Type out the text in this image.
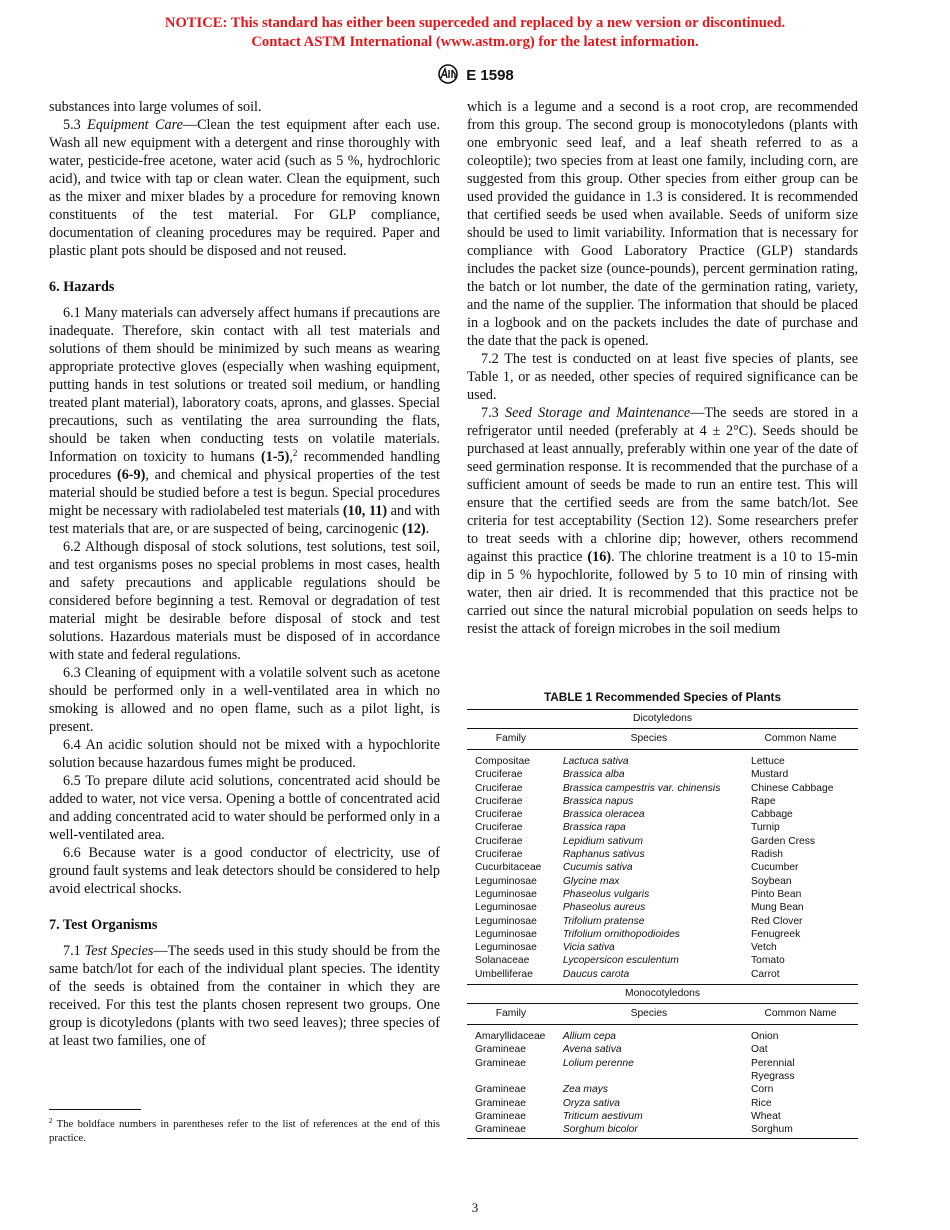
NOTICE: This standard has either been superceded and replaced by a new version or discontinued.
Contact ASTM International (www.astm.org) for the latest information.
E 1598

substances into large volumes of soil.

5.3 Equipment Care—Clean the test equipment after each use. Wash all new equipment with a detergent and rinse thoroughly with water, pesticide-free acetone, water acid (such as 5 %, hydrochloric acid), and twice with tap or clean water. Clean the equipment, such as the mixer and mixer blades by a procedure for removing known constituents of the test material. For GLP compliance, documentation of cleaning procedures may be required. Paper and plastic plant pots should be disposed and not reused.

6. Hazards

6.1 Many materials can adversely affect humans if precautions are inadequate. Therefore, skin contact with all test materials and solutions of them should be minimized by such means as wearing appropriate protective gloves (especially when washing equipment, putting hands in test solutions or treated soil medium, or handling treated plant material), laboratory coats, aprons, and glasses. Special precautions, such as ventilating the area surrounding the flats, should be taken when conducting tests on volatile materials. Information on toxicity to humans (1-5),$^2$ recommended handling procedures (6-9), and chemical and physical properties of the test material should be studied before a test is begun. Special procedures might be necessary with radiolabeled test materials (10, 11) and with test materials that are, or are suspected of being, carcinogenic (12).

6.2 Although disposal of stock solutions, test solutions, test soil, and test organisms poses no special problems in most cases, health and safety precautions and applicable regulations should be considered before beginning a test. Removal or degradation of test material might be desirable before disposal of stock and test solutions. Hazardous materials must be disposed of in accordance with state and federal regulations.

6.3 Cleaning of equipment with a volatile solvent such as acetone should be performed only in a well-ventilated area in which no smoking is allowed and no open flame, such as a pilot light, is present.

6.4 An acidic solution should not be mixed with a hypochlorite solution because hazardous fumes might be produced.

6.5 To prepare dilute acid solutions, concentrated acid should be added to water, not vice versa. Opening a bottle of concentrated acid and adding concentrated acid to water should be performed only in a well-ventilated area.

6.6 Because water is a good conductor of electricity, use of ground fault systems and leak detectors should be considered to help avoid electrical shocks.

7. Test Organisms

7.1 Test Species—The seeds used in this study should be from the same batch/lot for each of the individual plant species. The identity of the seeds is obtained from the container in which they are received. For this test the plants chosen represent two groups. One group is dicotyledons (plants with two seed leaves); three species of at least two families, one of

which is a legume and a second is a root crop, are recommended from this group. The second group is monocotyledons (plants with one embryonic seed leaf, and a leaf sheath referred to as a coleoptile); two species from at least one family, including corn, are suggested from this group. Other species from either group can be used provided the guidance in 1.3 is considered. It is recommended that certified seeds be used when available. Seeds of uniform size should be used to limit variability. Information that is necessary for compliance with Good Laboratory Practice (GLP) standards includes the packet size (ounce-pounds), percent germination rating, the batch or lot number, the date of the germination rating, variety, and the name of the supplier. The information that should be placed in a logbook and on the packets includes the date of purchase and the date that the pack is opened.

7.2 The test is conducted on at least five species of plants, see Table 1, or as needed, other species of required significance can be used.

7.3 Seed Storage and Maintenance—The seeds are stored in a refrigerator until needed (preferably at 4 ± 2°C). Seeds should be purchased at least annually, preferably within one year of the date of seed germination response. It is recommended that the purchase of a sufficient amount of seeds be made to run an entire test. This will ensure that the certified seeds are from the same batch/lot. See criteria for test acceptability (Section 12). Some researchers prefer to treat seeds with a chlorine dip; however, others recommend against this practice (16). The chlorine treatment is a 10 to 15-min dip in 5 % hypochlorite, followed by 5 to 10 min of rinsing with water, then air dried. It is recommended that this practice not be carried out since the natural microbial population on seeds helps to resist the attack of foreign microbes in the soil medium

TABLE 1 Recommended Species of Plants
Dicotyledons		
Family	Species	Common Name
Compositae	Lactuca sativa	Lettuce
Cruciferae	Brassica alba	Mustard
Cruciferae	Brassica campestris var. chinensis	Chinese Cabbage
Cruciferae	Brassica napus	Rape
Cruciferae	Brassica oleracea	Cabbage
Cruciferae	Brassica rapa	Turnip
Cruciferae	Lepidium sativum	Garden Cress
Cruciferae	Raphanus sativus	Radish
Cucurbitaceae	Cucumis sativa	Cucumber
Leguminosae	Glycine max	Soybean
Leguminosae	Phaseolus vulgaris	Pinto Bean
Leguminosae	Phaseolus aureus	Mung Bean
Leguminosae	Trifolium pratense	Red Clover
Leguminosae	Trifolium ornithopodioides	Fenugreek
Leguminosae	Vicia sativa	Vetch
Solanaceae	Lycopersicon esculentum	Tomato
Umbelliferae	Daucus carota	Carrot
Monocotyledons		
Family	Species	Common Name
Amaryllidaceae	Allium cepa	Onion
Gramineae	Avena sativa	Oat
Gramineae	Lolium perenne	Perennial
		Ryegrass
Gramineae	Zea mays	Corn
Gramineae	Oryza sativa	Rice
Gramineae	Triticum aestivum	Wheat
Gramineae	Sorghum bicolor	Sorghum
$^2$ The boldface numbers in parentheses refer to the list of references at the end of this practice.
3
